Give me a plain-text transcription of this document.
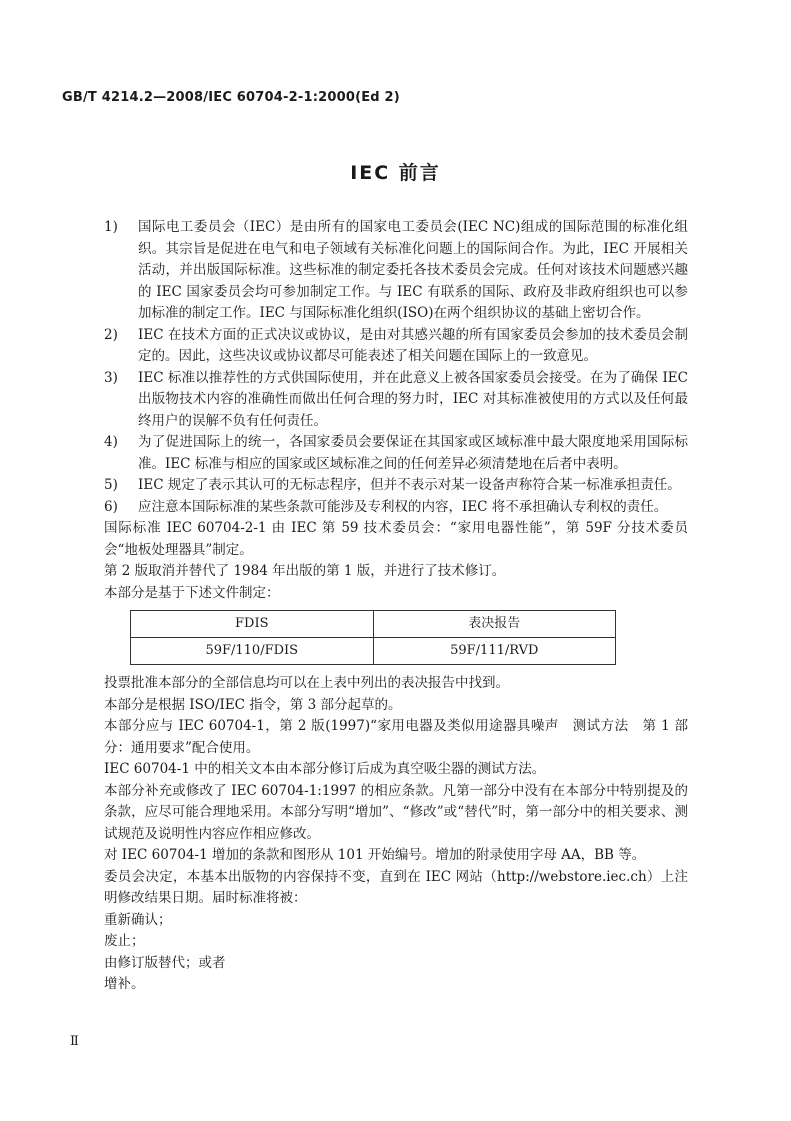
GB/T 4214.2—2008/IEC 60704-2-1:2000(Ed 2)
IEC 前言
1)	国际电工委员会（IEC）是由所有的国家电工委员会(IEC NC)组成的国际范围的标准化组织。其宗旨是促进在电气和电子领域有关标准化问题上的国际间合作。为此，IEC 开展相关活动，并出版国际标准。这些标准的制定委托各技术委员会完成。任何对该技术问题感兴趣的 IEC 国家委员会均可参加制定工作。与 IEC 有联系的国际、政府及非政府组织也可以参加标准的制定工作。IEC 与国际标准化组织(ISO)在两个组织协议的基础上密切合作。
2)	IEC 在技术方面的正式决议或协议，是由对其感兴趣的所有国家委员会参加的技术委员会制定的。因此，这些决议或协议都尽可能表述了相关问题在国际上的一致意见。
3)	IEC 标准以推荐性的方式供国际使用，并在此意义上被各国家委员会接受。在为了确保 IEC 出版物技术内容的准确性而做出任何合理的努力时，IEC 对其标准被使用的方式以及任何最终用户的误解不负有任何责任。
4)	为了促进国际上的统一，各国家委员会要保证在其国家或区域标准中最大限度地采用国际标准。IEC 标准与相应的国家或区域标准之间的任何差异必须清楚地在后者中表明。
5)	IEC 规定了表示其认可的无标志程序，但并不表示对某一设备声称符合某一标准承担责任。
6)	应注意本国际标准的某些条款可能涉及专利权的内容，IEC 将不承担确认专利权的责任。
国际标准 IEC 60704-2-1 由 IEC 第 59 技术委员会：“家用电器性能”，第 59F 分技术委员会“地板处理器具”制定。
第 2 版取消并替代了 1984 年出版的第 1 版，并进行了技术修订。
本部分是基于下述文件制定：
FDIS	表决报告
59F/110/FDIS	59F/111/RVD
投票批准本部分的全部信息均可以在上表中列出的表决报告中找到。
本部分是根据 ISO/IEC 指令，第 3 部分起草的。
本部分应与 IEC 60704-1，第 2 版(1997)“家用电器及类似用途器具噪声　测试方法　第 1 部分：通用要求”配合使用。
IEC 60704-1 中的相关文本由本部分修订后成为真空吸尘器的测试方法。
本部分补充或修改了 IEC 60704-1:1997 的相应条款。凡第一部分中没有在本部分中特别提及的条款，应尽可能合理地采用。本部分写明“增加”、“修改”或“替代”时，第一部分中的相关要求、测试规范及说明性内容应作相应修改。
对 IEC 60704-1 增加的条款和图形从 101 开始编号。增加的附录使用字母 AA，BB 等。
委员会决定，本基本出版物的内容保持不变，直到在 IEC 网站（http://webstore.iec.ch）上注明修改结果日期。届时标准将被：
重新确认；
废止；
由修订版替代；或者
增补。
Ⅱ
